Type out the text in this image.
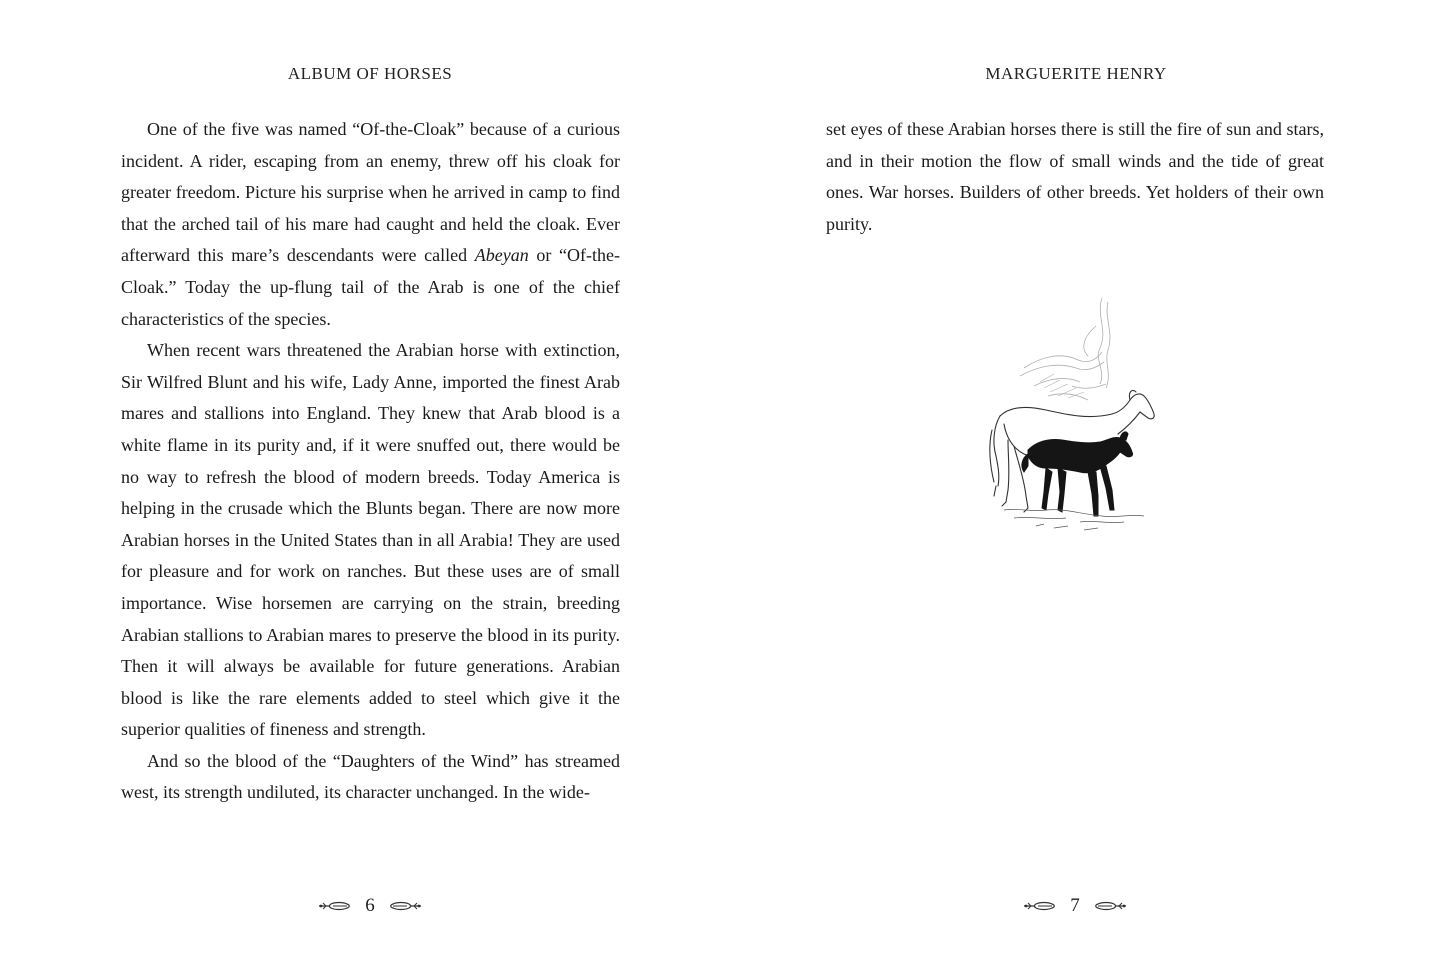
ALBUM OF HORSES

One of the five was named “Of-the-Cloak” because of a curious incident. A rider, escaping from an enemy, threw off his cloak for greater freedom. Picture his surprise when he arrived in camp to find that the arched tail of his mare had caught and held the cloak. Ever afterward this mare’s descendants were called Abeyan or “Of-the-Cloak.” Today the up-flung tail of the Arab is one of the chief characteristics of the species.

When recent wars threatened the Arabian horse with extinction, Sir Wilfred Blunt and his wife, Lady Anne, imported the finest Arab mares and stallions into England. They knew that Arab blood is a white flame in its purity and, if it were snuffed out, there would be no way to refresh the blood of modern breeds. Today America is helping in the crusade which the Blunts began. There are now more Arabian horses in the United States than in all Arabia! They are used for pleasure and for work on ranches. But these uses are of small importance. Wise horsemen are carrying on the strain, breeding Arabian stallions to Arabian mares to preserve the blood in its purity. Then it will always be available for future generations. Arabian blood is like the rare elements added to steel which give it the superior qualities of fineness and strength.

And so the blood of the “Daughters of the Wind” has streamed west, its strength undiluted, its character unchanged. In the wide-

6
MARGUERITE HENRY

set eyes of these Arabian horses there is still the fire of sun and stars, and in their motion the flow of small winds and the tide of great ones. War horses. Builders of other breeds. Yet holders of their own purity.

7
